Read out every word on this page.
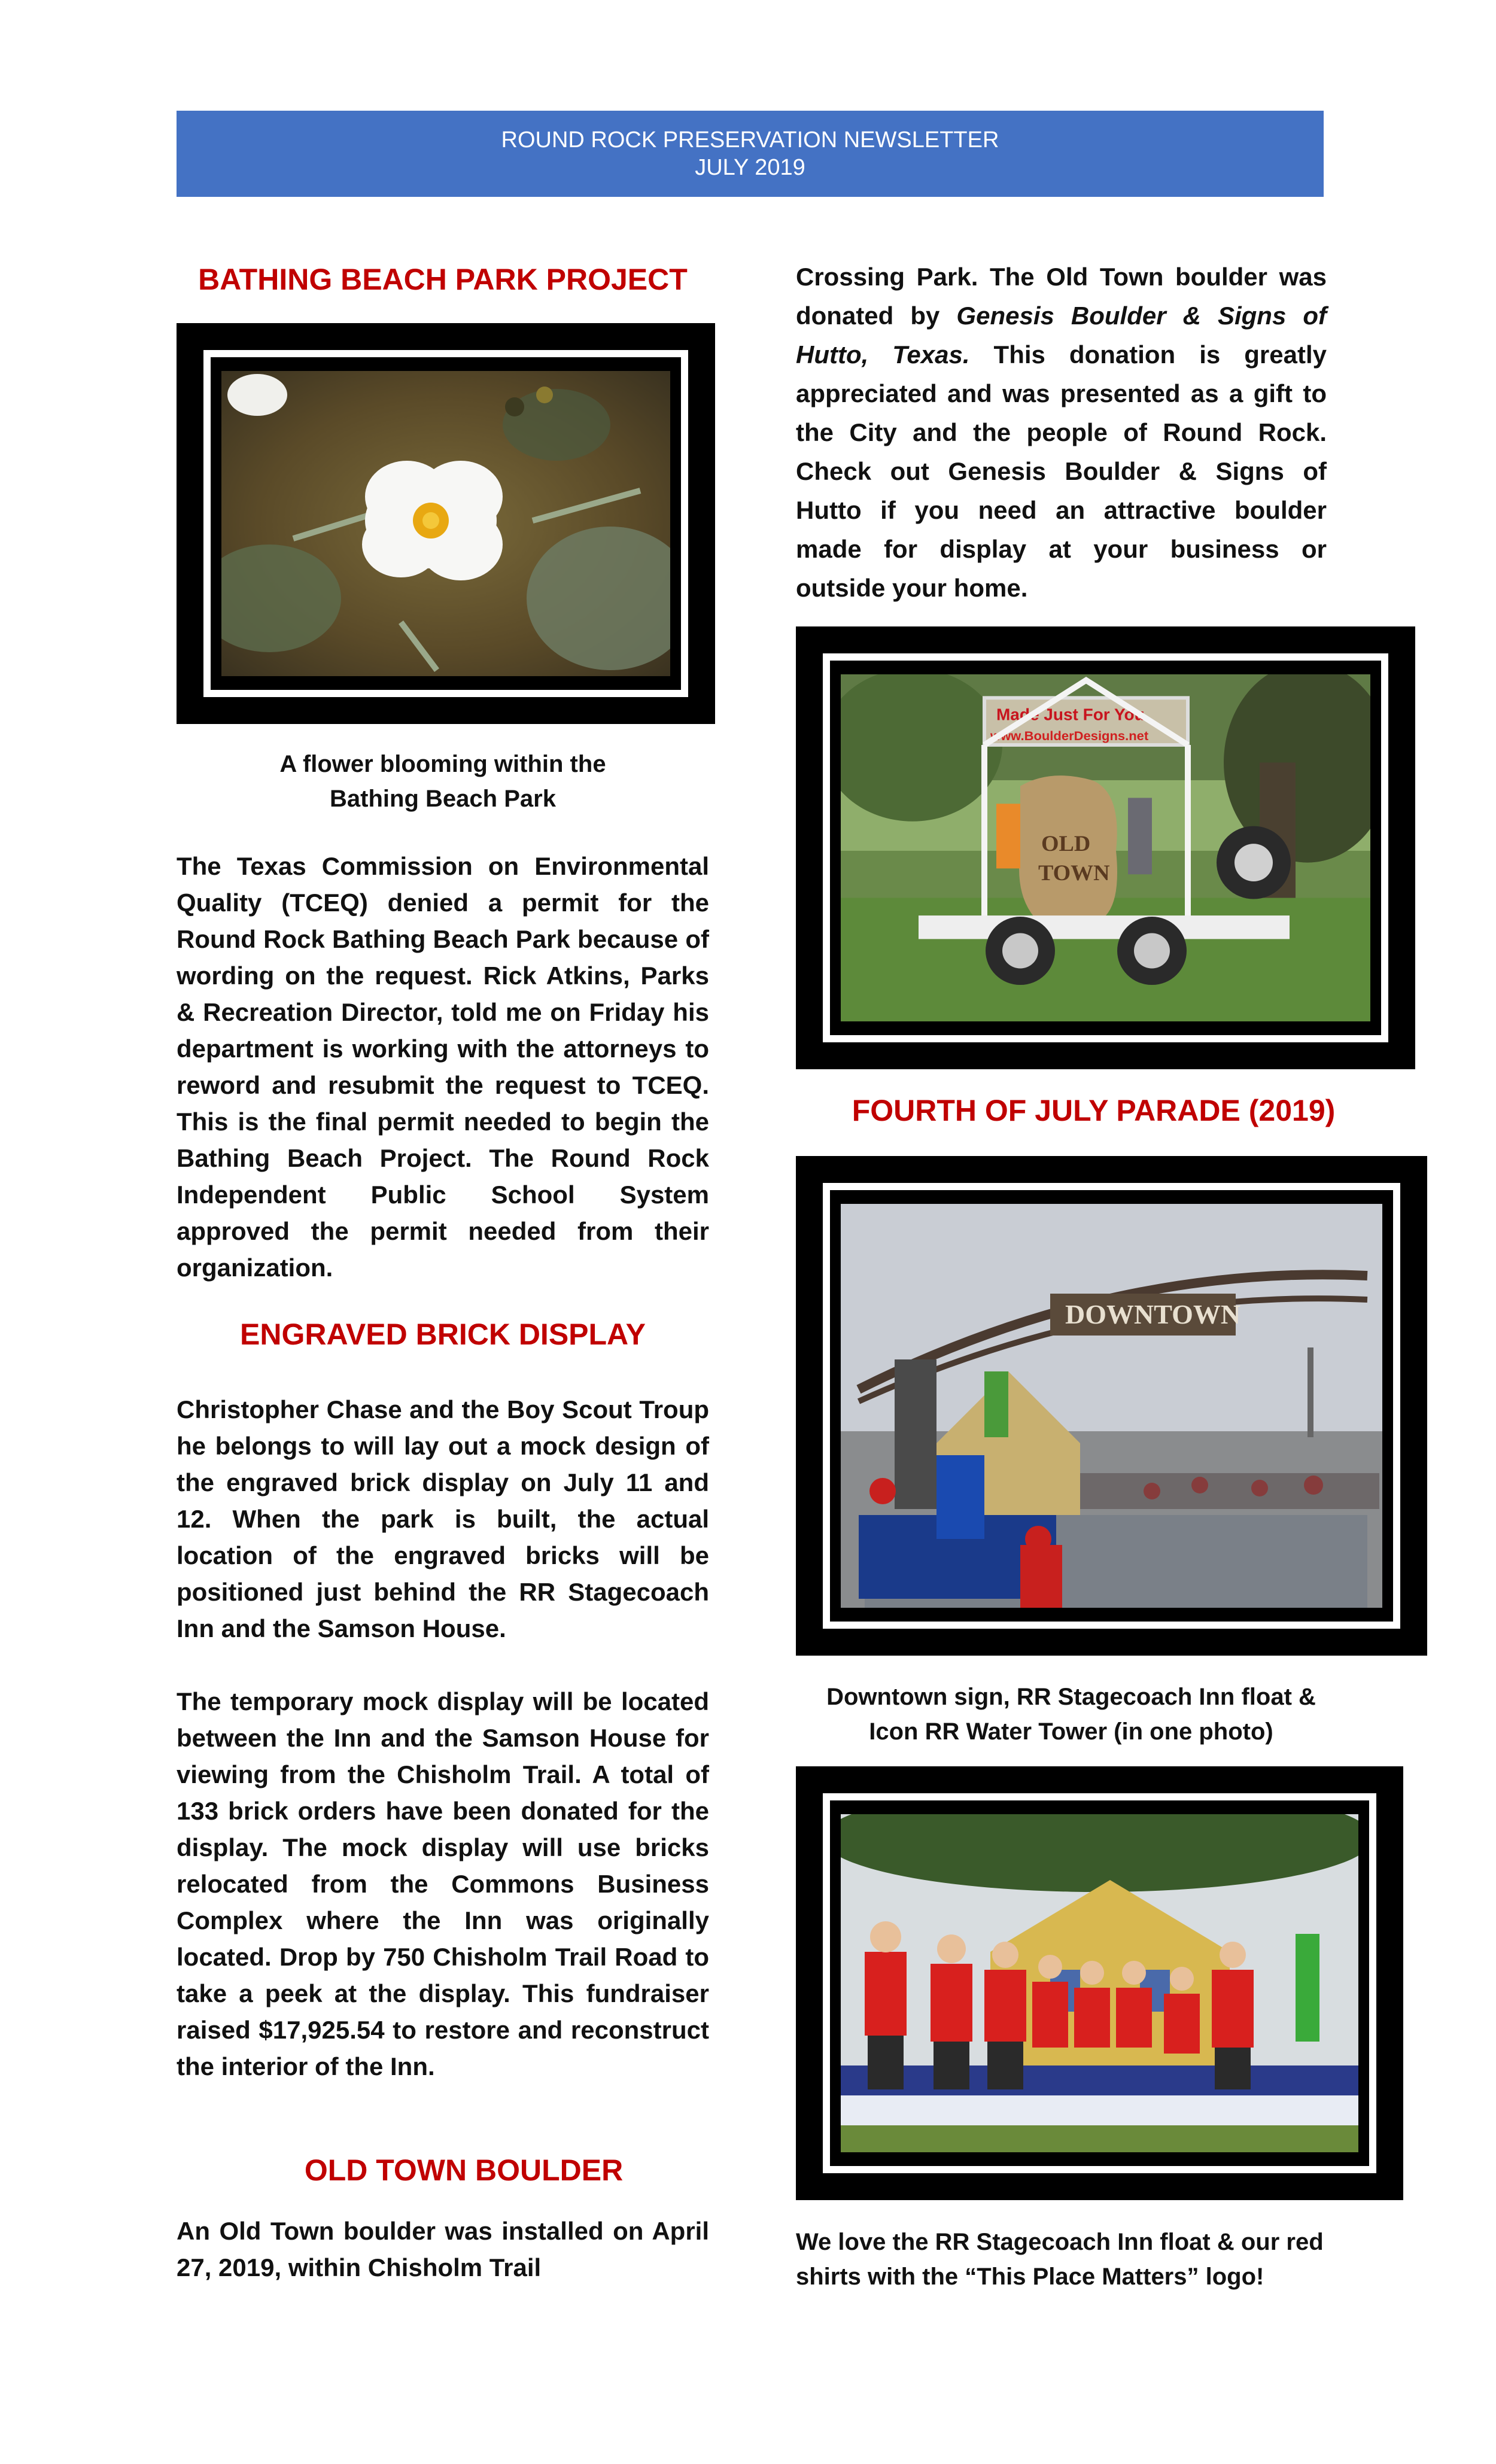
ROUND ROCK PRESERVATION NEWSLETTER
JULY 2019
BATHING BEACH PARK PROJECT
A flower blooming within the
Bathing Beach Park

The Texas Commission on Environmental Quality (TCEQ) denied a permit for the Round Rock Bathing Beach Park because of wording on the request. Rick Atkins, Parks & Recreation Director, told me on Friday his department is working with the attorneys to reword and resubmit the request to TCEQ. This is the final permit needed to begin the Bathing Beach Project. The Round Rock Independent Public School System approved the permit needed from their organization.

ENGRAVED BRICK DISPLAY

Christopher Chase and the Boy Scout Troup he belongs to will lay out a mock design of the engraved brick display on July 11 and 12. When the park is built, the actual location of the engraved bricks will be positioned just behind the RR Stagecoach Inn and the Samson House.

The temporary mock display will be located between the Inn and the Samson House for viewing from the Chisholm Trail. A total of 133 brick orders have been donated for the display. The mock display will use bricks relocated from the Commons Business Complex where the Inn was originally located. Drop by 750 Chisholm Trail Road to take a peek at the display. This fundraiser raised $17,925.54 to restore and reconstruct the interior of the Inn.

OLD TOWN BOULDER

An Old Town boulder was installed on April 27, 2019, within Chisholm Trail

Crossing Park. The Old Town boulder was donated by Genesis Boulder & Signs of Hutto, Texas. This donation is greatly appreciated and was presented as a gift to the City and the people of Round Rock. Check out Genesis Boulder & Signs of Hutto if you need an attractive boulder made for display at your business or outside your home.

Made Just For You
www.BoulderDesigns.net
OLD
TOWN
FOURTH OF JULY PARADE (2019)
DOWNTOWN
Downtown sign, RR Stagecoach Inn float &
Icon RR Water Tower (in one photo)
We love the RR Stagecoach Inn float & our red
shirts with the “This Place Matters” logo!
